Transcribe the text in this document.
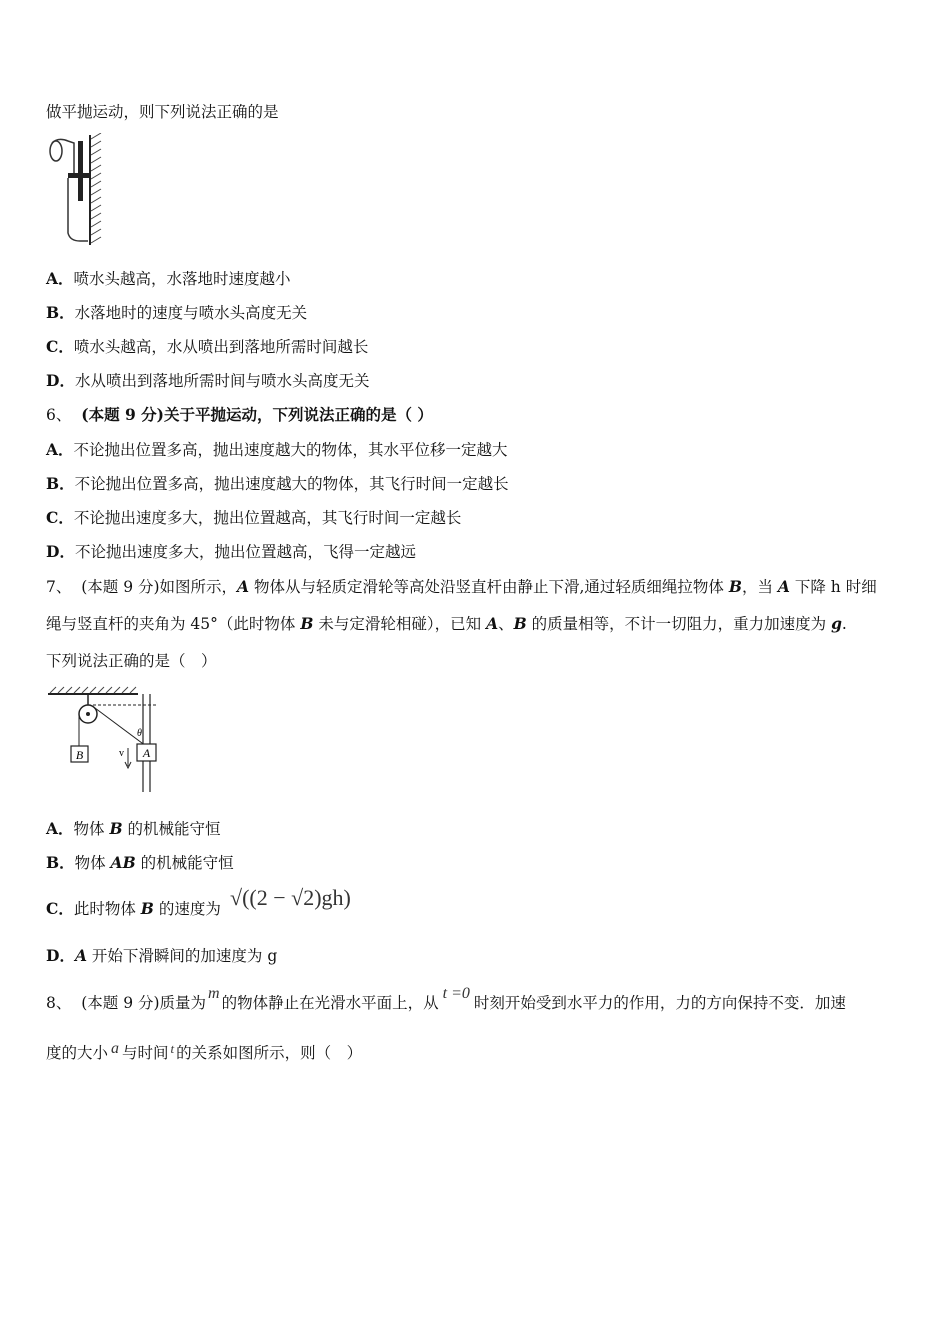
做平抛运动，则下列说法正确的是
A．喷水头越高，水落地时速度越小
B．水落地时的速度与喷水头高度无关
C．喷水头越高，水从喷出到落地所需时间越长
D．水从喷出到落地所需时间与喷水头高度无关
6、 (本题 9 分)关于平抛运动，下列说法正确的是（ ）
A．不论抛出位置多高，抛出速度越大的物体，其水平位移一定越大
B．不论抛出位置多高，抛出速度越大的物体，其飞行时间一定越长
C．不论抛出速度多大，抛出位置越高，其飞行时间一定越长
D．不论抛出速度多大，抛出位置越高，飞得一定越远
7、 (本题 9 分)如图所示，A 物体从与轻质定滑轮等高处沿竖直杆由静止下滑,通过轻质细绳拉物体 B，当 A 下降 h 时细
绳与竖直杆的夹角为 45°（此时物体 B 未与定滑轮相碰），已知 A、B 的质量相等，不计一切阻力，重力加速度为 g.
下列说法正确的是（　）
B	A
θ
v
A．物体 B 的机械能守恒
B．物体 AB 的机械能守恒
C．此时物体 B 的速度为 √((2 − √2)gh)
D．A 开始下滑瞬间的加速度为 g
8、 (本题 9 分)质量为m的物体静止在光滑水平面上，从t =0时刻开始受到水平力的作用，力的方向保持不变．加速
度的大小 a 与时间 $^t$ 的关系如图所示，则（　）
